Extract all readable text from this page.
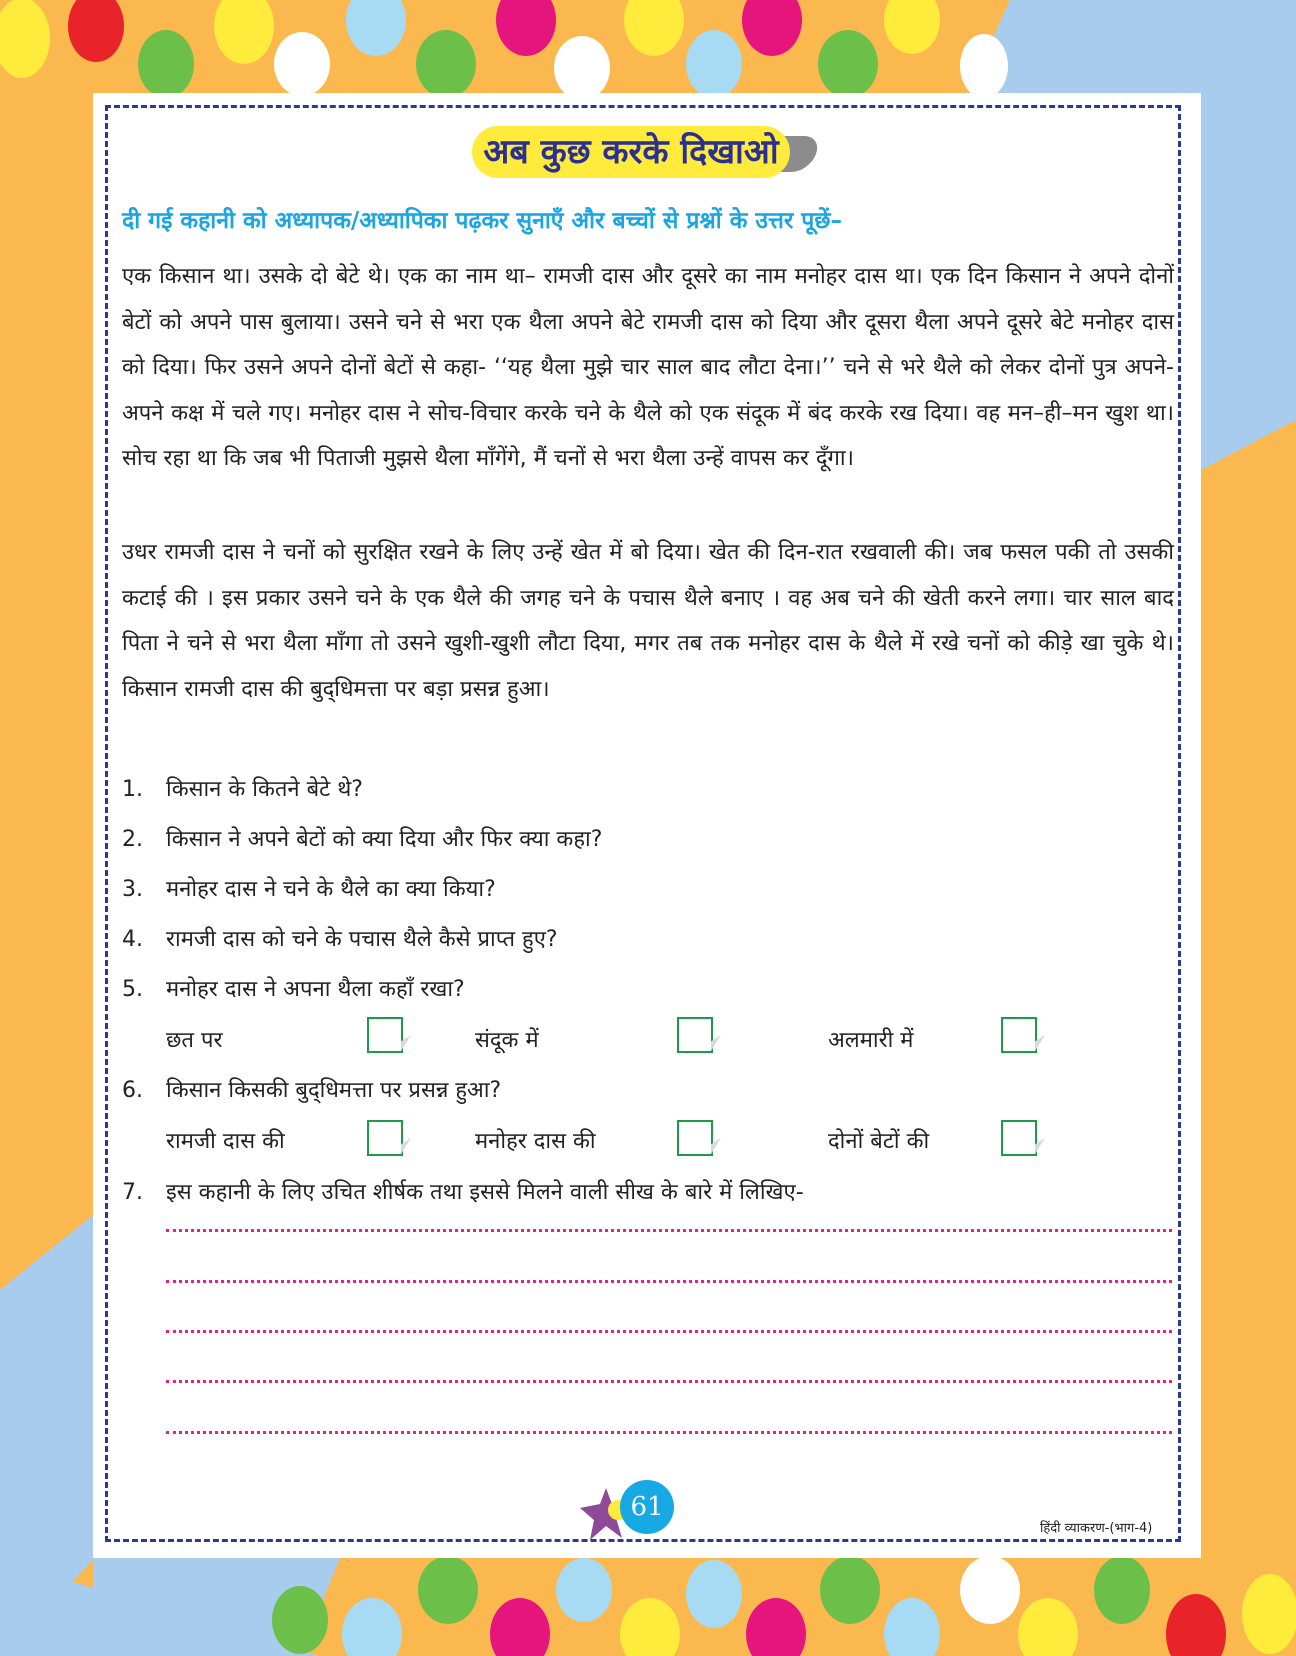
अब कुछ करके दिखाओ
दी गई कहानी को अध्यापक/अध्यापिका पढ़कर सुनाएँ और बच्चों से प्रश्नों के उत्तर पूछें–
एक किसान था। उसके दो बेटे थे। एक का नाम था– रामजी दास और दूसरे का नाम मनोहर दास था। एक दिन किसान ने अपने दोनों बेटों को अपने पास बुलाया। उसने चने से भरा एक थैला अपने बेटे रामजी दास को दिया और दूसरा थैला अपने दूसरे बेटे मनोहर दास को दिया। फिर उसने अपने दोनों बेटों से कहा- ‘‘यह थैला मुझे चार साल बाद लौटा देना।’’ चने से भरे थैले को लेकर दोनों पुत्र अपने-अपने कक्ष में चले गए। मनोहर दास ने सोच-विचार करके चने के थैले को एक संदूक में बंद करके रख दिया। वह मन–ही–मन खुश था। सोच रहा था कि जब भी पिताजी मुझसे थैला माँगेंगे, मैं चनों से भरा थैला उन्हें वापस कर दूँगा।
उधर रामजी दास ने चनों को सुरक्षित रखने के लिए उन्हें खेत में बो दिया। खेत की दिन-रात रखवाली की। जब फसल पकी तो उसकी कटाई की । इस प्रकार उसने चने के एक थैले की जगह चने के पचास थैले बनाए । वह अब चने की खेती करने लगा। चार साल बाद पिता ने चने से भरा थैला माँगा तो उसने खुशी-खुशी लौटा दिया, मगर तब तक मनोहर दास के थैले में रखे चनों को कीड़े खा चुके थे। किसान रामजी दास की बुद्‌धिमत्ता पर बड़ा प्रसन्न हुआ।
1. किसान के कितने बेटे थे?
2. किसान ने अपने बेटों को क्या दिया और फिर क्या कहा?
3. मनोहर दास ने चने के थैले का क्या किया?
4. रामजी दास को चने के पचास थैले कैसे प्राप्त हुए?
5. मनोहर दास ने अपना थैला कहाँ रखा?
छत पर	संदूक में	अलमारी में
6. किसान किसकी बुद्‌धिमत्ता पर प्रसन्न हुआ?
रामजी दास की	मनोहर दास की	दोनों बेटों की
7. इस कहानी के लिए उचित शीर्षक तथा इससे मिलने वाली सीख के बारे में लिखिए-
61
हिंदी व्याकरण-(भाग-4)
